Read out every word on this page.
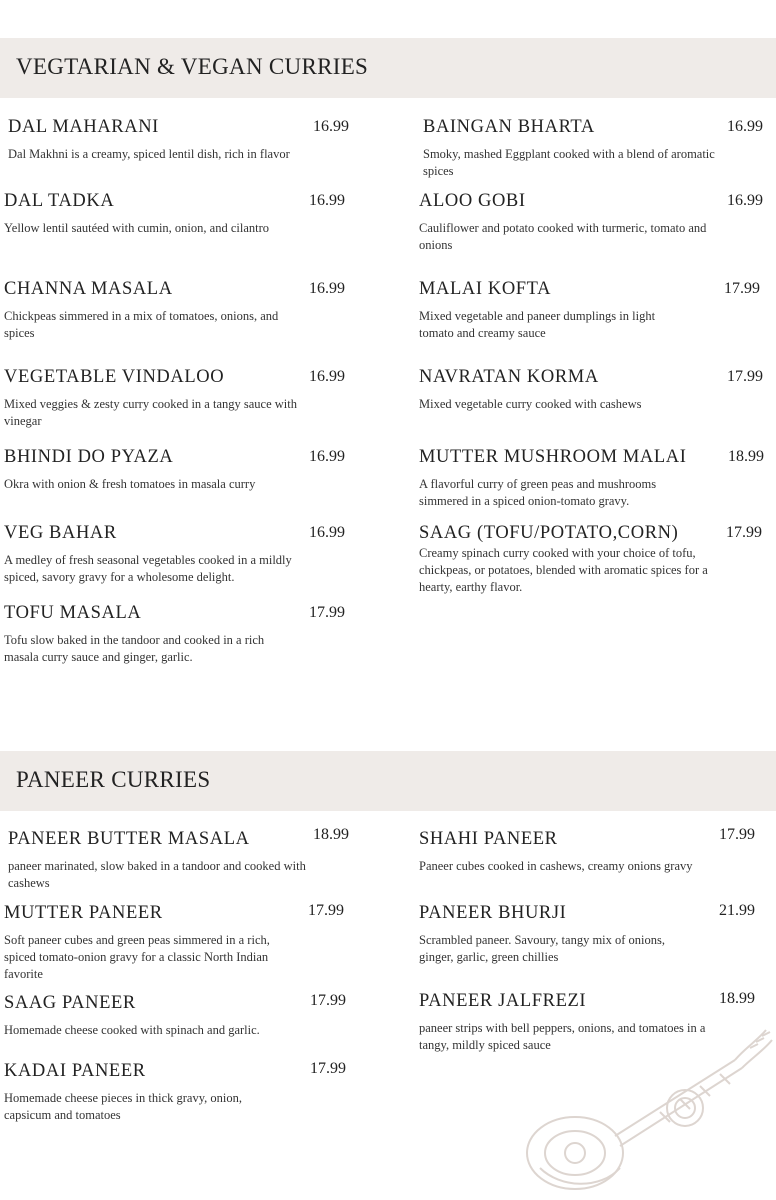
VEGTARIAN & VEGAN CURRIES
DAL MAHARANI	16.99
Dal Makhni is a creamy, spiced lentil dish, rich in flavor
BAINGAN BHARTA	16.99
Smoky, mashed Eggplant cooked with a blend of aromatic spices
DAL TADKA	16.99
Yellow lentil sautéed with cumin, onion, and cilantro
ALOO GOBI	16.99
Cauliflower and potato cooked with turmeric, tomato and onions
CHANNA MASALA	16.99
Chickpeas simmered in a mix of tomatoes, onions, and spices
MALAI KOFTA	17.99
Mixed vegetable and paneer dumplings in light tomato and creamy sauce
VEGETABLE VINDALOO	16.99
Mixed veggies & zesty curry cooked in a tangy sauce with vinegar
NAVRATAN KORMA	17.99
Mixed vegetable curry cooked with cashews
BHINDI DO PYAZA	16.99
Okra with onion & fresh tomatoes in masala curry
MUTTER MUSHROOM MALAI	18.99
A flavorful curry of green peas and mushrooms simmered in a spiced onion-tomato gravy.
VEG BAHAR	16.99
A medley of fresh seasonal vegetables cooked in a mildly spiced, savory gravy for a wholesome delight.
SAAG (TOFU/POTATO,CORN)	17.99
Creamy spinach curry cooked with your choice of tofu, chickpeas, or potatoes, blended with aromatic spices for a hearty, earthy flavor.
TOFU MASALA	17.99
Tofu slow baked in the tandoor and cooked in a rich masala curry sauce and ginger, garlic.
PANEER CURRIES
PANEER BUTTER MASALA	18.99
paneer marinated, slow baked in a tandoor and cooked with cashews
SHAHI PANEER	17.99
Paneer cubes cooked in cashews, creamy onions gravy
MUTTER PANEER	17.99
Soft paneer cubes and green peas simmered in a rich, spiced tomato-onion gravy for a classic North Indian favorite
PANEER BHURJI	21.99
Scrambled paneer. Savoury, tangy mix of onions, ginger, garlic, green chillies
SAAG PANEER	17.99
Homemade cheese cooked with spinach and garlic.
PANEER JALFREZI	18.99
paneer strips with bell peppers, onions, and tomatoes in a tangy, mildly spiced sauce
KADAI PANEER	17.99
Homemade cheese pieces in thick gravy, onion, capsicum and tomatoes
